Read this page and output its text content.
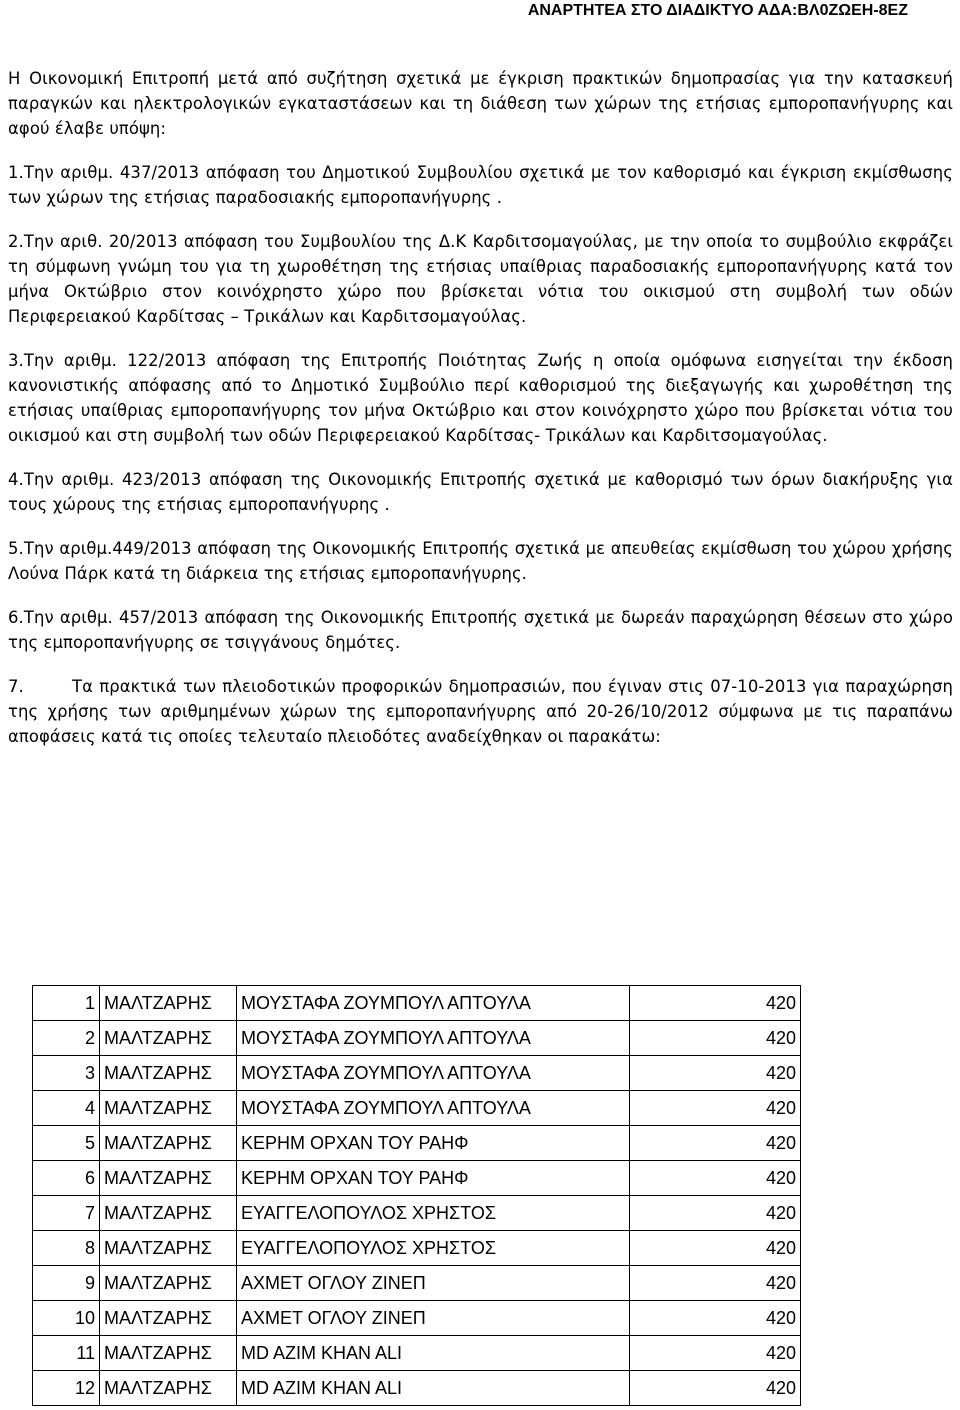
ΑΝΑΡΤΗΤΕΑ ΣΤΟ ΔΙΑΔΙΚΤΥΟ ΑΔΑ:ΒΛ0ΖΩΕΗ-8ΕΖ

Η Οικονομική Επιτροπή μετά από συζήτηση σχετικά με έγκριση πρακτικών δημοπρασίας για την κατασκευή παραγκών και ηλεκτρολογικών εγκαταστάσεων και τη διάθεση των χώρων της ετήσιας εμποροπανήγυρης και αφού έλαβε υπόψη:

1.Την αριθμ. 437/2013 απόφαση του Δημοτικού Συμβουλίου σχετικά με τον καθορισμό και έγκριση εκμίσθωσης των χώρων της ετήσιας παραδοσιακής εμποροπανήγυρης .

2.Την αριθ. 20/2013 απόφαση του Συμβουλίου της Δ.Κ Καρδιτσομαγούλας, με την οποία το συμβούλιο εκφράζει τη σύμφωνη γνώμη του για τη χωροθέτηση της ετήσιας υπαίθριας παραδοσιακής εμποροπανήγυρης κατά τον μήνα Οκτώβριο στον κοινόχρηστο χώρο που βρίσκεται νότια του οικισμού στη συμβολή των οδών Περιφερειακού Καρδίτσας – Τρικάλων και Καρδιτσομαγούλας.

3.Την αριθμ. 122/2013 απόφαση της Επιτροπής Ποιότητας Ζωής η οποία ομόφωνα εισηγείται την έκδοση κανονιστικής απόφασης από το Δημοτικό Συμβούλιο περί καθορισμού της διεξαγωγής και χωροθέτηση της ετήσιας υπαίθριας εμποροπανήγυρης τον μήνα Οκτώβριο και στον κοινόχρηστο χώρο που βρίσκεται νότια του οικισμού και στη συμβολή των οδών Περιφερειακού Καρδίτσας- Τρικάλων και Καρδιτσομαγούλας.

4.Την αριθμ. 423/2013 απόφαση της Οικονομικής Επιτροπής σχετικά με καθορισμό των όρων διακήρυξης για τους χώρους της ετήσιας εμποροπανήγυρης .

5.Την αριθμ.449/2013 απόφαση της Οικονομικής Επιτροπής σχετικά με απευθείας εκμίσθωση του χώρου χρήσης Λούνα Πάρκ κατά τη διάρκεια της ετήσιας εμποροπανήγυρης.

6.Την αριθμ. 457/2013 απόφαση της Οικονομικής Επιτροπής σχετικά με δωρεάν παραχώρηση θέσεων στο χώρο της εμποροπανήγυρης σε τσιγγάνους δημότες.

7.	Τα πρακτικά των πλειοδοτικών προφορικών δημοπρασιών, που έγιναν στις 07-10-2013 για παραχώρηση της χρήσης των αριθμημένων χώρων της εμποροπανήγυρης από 20-26/10/2012 σύμφωνα με τις παραπάνω αποφάσεις κατά τις οποίες τελευταίο πλειοδότες αναδείχθηκαν οι παρακάτω:

1	ΜΑΛΤΖΑΡΗΣ	ΜΟΥΣΤΑΦΑ ΖΟΥΜΠΟΥΛ ΑΠΤΟΥΛΑ	420
2	ΜΑΛΤΖΑΡΗΣ	ΜΟΥΣΤΑΦΑ ΖΟΥΜΠΟΥΛ ΑΠΤΟΥΛΑ	420
3	ΜΑΛΤΖΑΡΗΣ	ΜΟΥΣΤΑΦΑ ΖΟΥΜΠΟΥΛ ΑΠΤΟΥΛΑ	420
4	ΜΑΛΤΖΑΡΗΣ	ΜΟΥΣΤΑΦΑ ΖΟΥΜΠΟΥΛ ΑΠΤΟΥΛΑ	420
5	ΜΑΛΤΖΑΡΗΣ	ΚΕΡΗΜ ΟΡΧΑΝ ΤΟΥ ΡΑΗΦ	420
6	ΜΑΛΤΖΑΡΗΣ	ΚΕΡΗΜ ΟΡΧΑΝ ΤΟΥ ΡΑΗΦ	420
7	ΜΑΛΤΖΑΡΗΣ	ΕΥΑΓΓΕΛΟΠΟΥΛΟΣ ΧΡΗΣΤΟΣ	420
8	ΜΑΛΤΖΑΡΗΣ	ΕΥΑΓΓΕΛΟΠΟΥΛΟΣ ΧΡΗΣΤΟΣ	420
9	ΜΑΛΤΖΑΡΗΣ	ΑΧΜΕΤ ΟΓΛΟΥ ΖΙΝΕΠ	420
10	ΜΑΛΤΖΑΡΗΣ	ΑΧΜΕΤ ΟΓΛΟΥ ΖΙΝΕΠ	420
11	ΜΑΛΤΖΑΡΗΣ	MD AZIM KHAN ALI	420
12	ΜΑΛΤΖΑΡΗΣ	MD AZIM KHAN ALI	420
